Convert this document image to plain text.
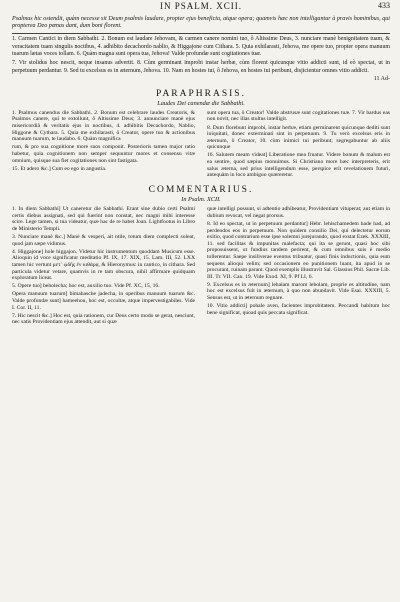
IN PSALM. XCII.	433

Psalmus hic ostendit, quàm necesse sit Deum psalmis laudare, propter ejus beneficia, atque opera; quamvis hæc non intelligantur à pravis hominibus, qui propterea Deo pœnas dant, dum boni florent.

1. Carmen Cantici in diem Sabbathi. 2. Bonum est laudare Jehovam, & carmen canere nomini tuo, ô Altissime Deus, 3. nunciare manè benignitatem tuam, & veracitatem tuam singulis noctibus, 4. adhibito decachordo nablio, & Higgajone cum Cithara. 5. Quia exhilarasti, Jehova, me opere tuo, propter opera manuum tuarum lætas voces tollam. 6. Quàm magna sunt opera tua, Jehova! Valde profundæ sunt cogitationes tuæ.

7. Vir stolidus hoc nescit, neque insanus advertit. 8. Cùm germinant improbi instar herbæ, cùm florent quicunque vitio addicti sunt, id eò spectat, ut in perpetuum perdantur. 9. Sed tu excelsus es in æternum, Jehova. 10. Nam en hostes tui, ô Jehova, en hostes tui peribunt, disjicientur omnes vitio addicti.

11 Ad-

PARAPHRASIS.
Laudes Dei canendæ die Sabbathi.

1. Psalmus canendus die Sabbathi. 2. Bonum est celebrare laudes Creatoris, & Psalmos canere, qui te extollunt, ô Altissime Deus; 3. annunciare manè ejus misericordiâ & veritatis ejus in noctibus, 4. adhibitis Decachordo, Nablio, Higgone & Cythara. 5. Quia me exhilarasti, ô Creator, opere tuo & actionibus manuum tuarum, te laudabo. 6. Quàm magnifica

rum, & pro sua cognitione more suos componit. Posterioris tamen major ratio habetur, quia cognitionem non semper sequuntur mores et consensu vitæ omnium, quisque sua fiet cogitationes non sint fastigata.

15. Et adero &c.] Cum eo ego in angustia.

sunt opera tua, ô Creator! Valde abstrusæ sunt cogitationes tuæ. 7. Vir bardus eas non novit, nec illas stultus intelligit.

8. Dum florebunt improbi, instar herbæ, etiam germinarent quicunque dediti sunt iniquitati, donec exterminati sint in perpetuum. 9. Tu verò excelsus eris in æternum, ô Creator, 10. cùm inimici tui peribunt; segregabuntur ab aliis quicunque

16. Salutem meam videat] Liberatione mea fruatur. Videre bonum & malum est ea sentire, quod sæpius monuimus. Si Christiano more hæc interpreteris, erit salus æterna, sed prius intelligendum esse, perspice erit revelationem futuri, antequàm in loco ambiguo quæreretur.

COMMENTARIUS.
In Psalm. XCII.

1. In diem Sabbathi] Ut caneretur die Sabbathi. Erant sine dubio certi Psalmi certis diebus assignati, sed qui fuerint non constat, nec magni mihi interesse scire. Lege tamen, si tua videatur, quæ hac de re habet Joan. Lightfootus in Libro de Ministerio Templi.

3. Nunciare manè &c.] Manè & vesperi, ait ntile, totum diem complecti soleat, quod jam sæpe vidimus.

4. Higgajone] hole higgajon. Videtur hic instrumentum quoddam Musicum esse. Alioquin id voce significatur meditatio Pf. IX, 17. XIX, 15. Lam. III, 52. LXX tamen hic vertunt μετ᾽ ᾠδῆς ἐν κιθάρᾳ, & Hieronymus: in cantico, in cithara. Sed particula videtur vetare, quamvis in re tam obscura, nihil affirmare quidquam exploratum liceat.

5. Opere tuo] beholecha; hoc est, auxilio tuo. Vide Pf. XC, 15, 16.

Opera manuum tuarum] bimahasche jadecha, in operibus manuum tuarum &c. Valde profundæ sunt] hameehou, hoc est, occultæ, atque impervestigabiles. Vide I. Cor. II, 11.

7. Hic nescit &c.] Hoc est, quia rationem, cur Deus certo modo se gerat, nesciunt, nec satis Providentiam ejus attendit, aut si quæ

quæ intelligi possunt, si adtentio adhibeatur, Providentiam vituperat; aut etiam in dubium revocat, vel negat prorsus.

8. Id eo spectat, ut in perpetuum perdantur] Hebr. lehischamedem hade had, ad perdendos eos in perpetuum. Non quidem consilio Dei, qui delectetur eorum exitio, quod contrarium esse ipse solemni jurejurando, quod exstat Ezek. XXXIII, 11. sed facilitas & impunitas malefacta; qui ita se gerunt, quasi hoc sibi proposuissent, ut fundius tandem perirent, & cum omnibus suis è medio tollerentur. Saepe insiliverae eventus tribuatur, quasi finis inductionis, quia eum sequens alioqui velim; sed occasionem eo punitionem luant, ita apud in se procurant, ruinam parant. Quod exemplis illustravit Sal. Glassius Phil. Sacræ Lib. III. Tr. VII. Can. 19. Vide Exod. XI, 9. Pf LI, 6.

9. Excelsus es in æternum] lehalam marom lebolam, proprie es altitudine, nam hoc est excelsus fuit in æternum, à quo non abundavit. Vide Esai. XXXIII, 5. Sensus est, ut in æternum regnare.

10. Vitio addicti] pohale aven, facientes improbitatem. Peccandi habitum hoc bene significat, quoad quis peccata significat.
